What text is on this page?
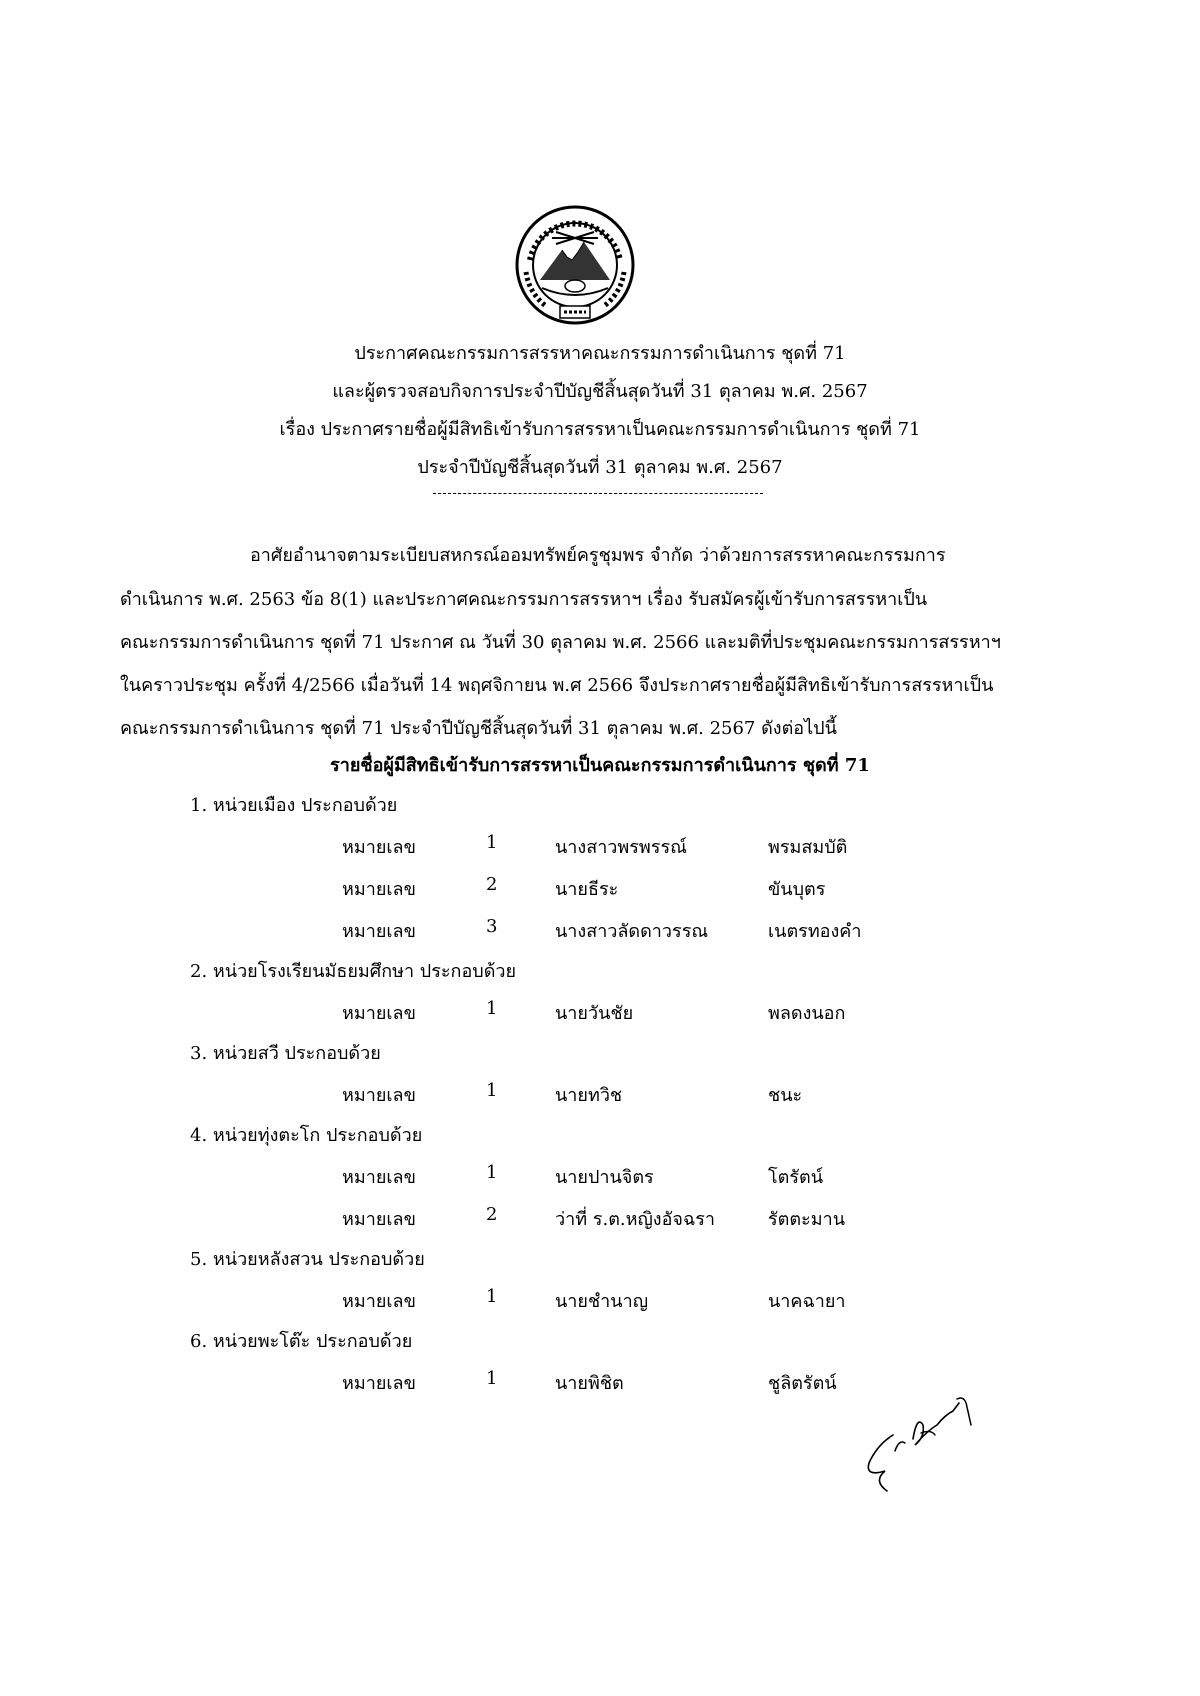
ประกาศคณะกรรมการสรรหาคณะกรรมการดำเนินการ ชุดที่ 71
และผู้ตรวจสอบกิจการประจำปีบัญชีสิ้นสุดวันที่ 31 ตุลาคม พ.ศ. 2567
เรื่อง ประกาศรายชื่อผู้มีสิทธิเข้ารับการสรรหาเป็นคณะกรรมการดำเนินการ ชุดที่ 71
ประจำปีบัญชีสิ้นสุดวันที่ 31 ตุลาคม พ.ศ. 2567
อาศัยอำนาจตามระเบียบสหกรณ์ออมทรัพย์ครูชุมพร จำกัด ว่าด้วยการสรรหาคณะกรรมการ
ดำเนินการ พ.ศ. 2563 ข้อ 8(1) และประกาศคณะกรรมการสรรหาฯ เรื่อง รับสมัครผู้เข้ารับการสรรหาเป็น
คณะกรรมการดำเนินการ ชุดที่ 71 ประกาศ ณ วันที่ 30 ตุลาคม พ.ศ. 2566 และมติที่ประชุมคณะกรรมการสรรหาฯ
ในคราวประชุม ครั้งที่ 4/2566 เมื่อวันที่ 14 พฤศจิกายน พ.ศ 2566 จึงประกาศรายชื่อผู้มีสิทธิเข้ารับการสรรหาเป็น
คณะกรรมการดำเนินการ ชุดที่ 71 ประจำปีบัญชีสิ้นสุดวันที่ 31 ตุลาคม พ.ศ. 2567 ดังต่อไปนี้
รายชื่อผู้มีสิทธิเข้ารับการสรรหาเป็นคณะกรรมการดำเนินการ ชุดที่ 71
1. หน่วยเมือง ประกอบด้วย
หมายเลข	1	นางสาวพรพรรณ์	พรมสมบัติ
หมายเลข	2	นายธีระ	ขันบุตร
หมายเลข	3	นางสาวลัดดาวรรณ	เนตรทองคำ
2. หน่วยโรงเรียนมัธยมศึกษา ประกอบด้วย
หมายเลข	1	นายวันชัย	พลดงนอก
3. หน่วยสวี ประกอบด้วย
หมายเลข	1	นายทวิช	ชนะ
4. หน่วยทุ่งตะโก ประกอบด้วย
หมายเลข	1	นายปานจิตร	โตรัตน์
หมายเลข	2	ว่าที่ ร.ต.หญิงอัจฉรา	รัตตะมาน
5. หน่วยหลังสวน ประกอบด้วย
หมายเลข	1	นายชำนาญ	นาคฉายา
6. หน่วยพะโต๊ะ ประกอบด้วย
หมายเลข	1	นายพิชิต	ชูลิตรัตน์
